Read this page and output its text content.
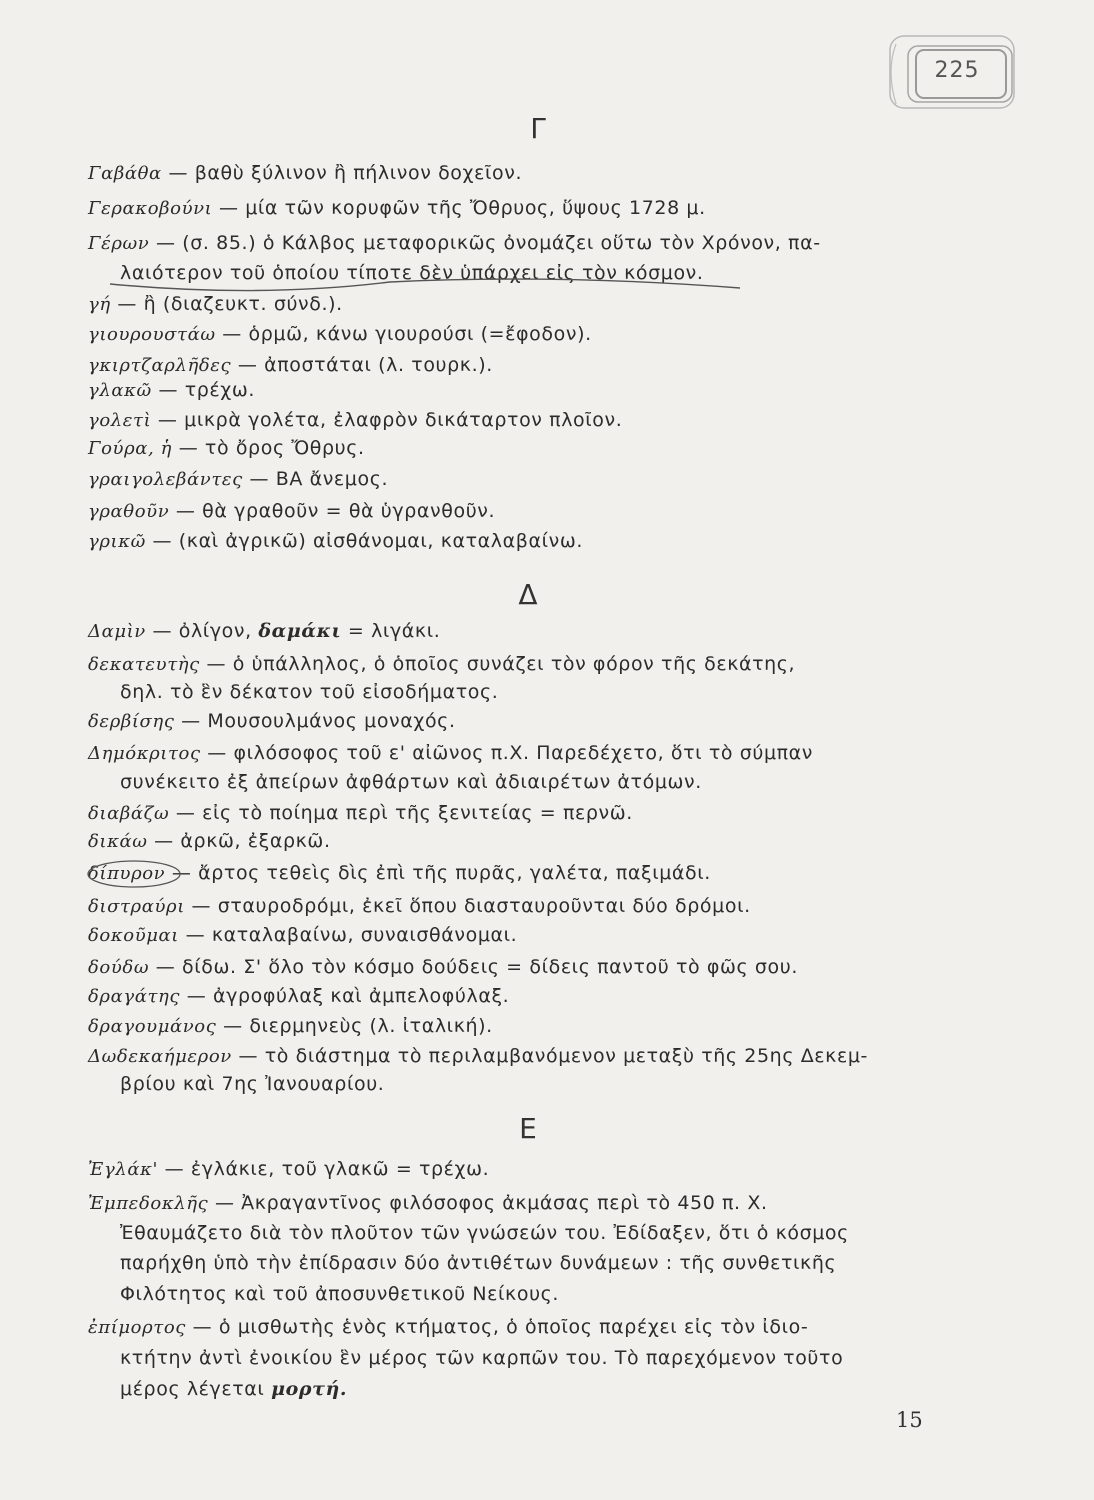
225
Γ
Γαβάθα — βαθὺ ξύλινον ἢ πήλινον δοχεῖον.
Γερακοβούνι — μία τῶν κορυφῶν τῆς Ὄθρυος, ὕψους 1728 μ.
Γέρων — (σ. 85.) ὁ Κάλβος μεταφορικῶς ὀνομάζει οὕτω τὸν Χρόνον, πα-
λαιότερον τοῦ ὁποίου τίποτε δὲν ὑπάρχει εἰς τὸν κόσμον.
γή — ἢ (διαζευκτ. σύνδ.).
γιουρουστάω — ὁρμῶ, κάνω γιουρούσι (=ἔφοδον).
γκιρτζαρλῆδες — ἀποστάται (λ. τουρκ.).
γλακῶ — τρέχω.
γολετὶ — μικρὰ γολέτα, ἐλαφρὸν δικάταρτον πλοῖον.
Γούρα, ἡ — τὸ ὄρος Ὄθρυς.
γραιγολεβάντες — ΒΑ ἄνεμος.
γραθοῦν — θὰ γραθοῦν = θὰ ὑγρανθοῦν.
γρικῶ — (καὶ ἀγρικῶ) αἰσθάνομαι, καταλαβαίνω.
Δ
Δαμὶν — ὀλίγον, δαμάκι = λιγάκι.
δεκατευτὴς — ὁ ὑπάλληλος, ὁ ὁποῖος συνάζει τὸν φόρον τῆς δεκάτης,
δηλ. τὸ ἓν δέκατον τοῦ εἰσοδήματος.
δερβίσης — Μουσουλμάνος μοναχός.
Δημόκριτος — φιλόσοφος τοῦ ε' αἰῶνος π.Χ. Παρεδέχετο, ὅτι τὸ σύμπαν
συνέκειτο ἐξ ἀπείρων ἀφθάρτων καὶ ἀδιαιρέτων ἀτόμων.
διαβάζω — εἰς τὸ ποίημα περὶ τῆς ξενιτείας = περνῶ.
δικάω — ἀρκῶ, ἐξαρκῶ.
δίπυρον — ἄρτος τεθεὶς δὶς ἐπὶ τῆς πυρᾶς, γαλέτα, παξιμάδι.
διστραύρι — σταυροδρόμι, ἐκεῖ ὅπου διασταυροῦνται δύο δρόμοι.
δοκοῦμαι — καταλαβαίνω, συναισθάνομαι.
δούδω — δίδω. Σ' ὅλο τὸν κόσμο δούδεις = δίδεις παντοῦ τὸ φῶς σου.
δραγάτης — ἀγροφύλαξ καὶ ἀμπελοφύλαξ.
δραγουμάνος — διερμηνεὺς (λ. ἰταλική).
Δωδεκαήμερον — τὸ διάστημα τὸ περιλαμβανόμενον μεταξὺ τῆς 25ης Δεκεμ-
βρίου καὶ 7ης Ἰανουαρίου.
Ε
Ἐγλάκ' — ἐγλάκιε, τοῦ γλακῶ = τρέχω.
Ἐμπεδοκλῆς — Ἀκραγαντῖνος φιλόσοφος ἀκμάσας περὶ τὸ 450 π. Χ.
Ἐθαυμάζετο διὰ τὸν πλοῦτον τῶν γνώσεών του. Ἐδίδαξεν, ὅτι ὁ κόσμος
παρήχθη ὑπὸ τὴν ἐπίδρασιν δύο ἀντιθέτων δυνάμεων : τῆς συνθετικῆς
Φιλότητος καὶ τοῦ ἀποσυνθετικοῦ Νείκους.
ἐπίμορτος — ὁ μισθωτὴς ἑνὸς κτήματος, ὁ ὁποῖος παρέχει εἰς τὸν ἰδιο-
κτήτην ἀντὶ ἐνοικίου ἓν μέρος τῶν καρπῶν του. Τὸ παρεχόμενον τοῦτο
μέρος λέγεται μορτή.
15
